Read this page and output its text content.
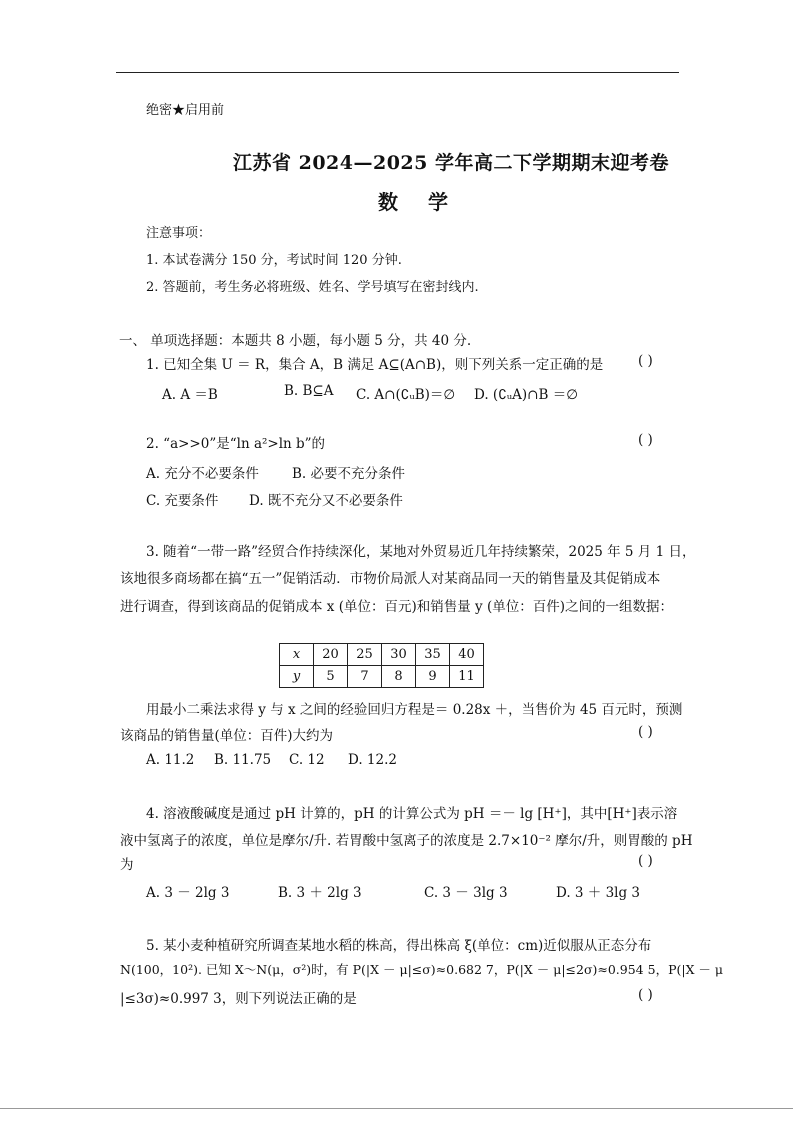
绝密★启用前
江苏省 2024—2025 学年高二下学期期末迎考卷
数学
注意事项：
1. 本试卷满分 150 分，考试时间 120 分钟.
2. 答题前，考生务必将班级、姓名、学号填写在密封线内.
一、 单项选择题：本题共 8 小题，每小题 5 分，共 40 分.
1. 已知全集 U ＝ R，集合 A，B 满足 A⊆(A∩B)，则下列关系一定正确的是	( )
A. A ＝B	B. B⊆A C. A∩(∁ᵤB)＝∅ D. (∁ᵤA)∩B ＝∅
2. “a>>0”是“ln a²>ln b”的	( )
A. 充分不必要条件 B. 必要不充分条件
C. 充要条件 D. 既不充分又不必要条件
3. 随着“一带一路”经贸合作持续深化，某地对外贸易近几年持续繁荣，2025 年 5 月 1 日，
该地很多商场都在搞“五一”促销活动．市物价局派人对某商品同一天的销售量及其促销成本
进行调查，得到该商品的促销成本 x (单位：百元)和销售量 y (单位：百件)之间的一组数据：
x	20	25	30	35	40
y	5	7	8	9	11
用最小二乘法求得 y 与 x 之间的经验回归方程是＝ 0.28x ＋，当售价为 45 百元时，预测
该商品的销售量(单位：百件)大约为	( )
A. 11.2 B. 11.75 C. 12 D. 12.2
4. 溶液酸碱度是通过 pH 计算的，pH 的计算公式为 pH ＝－ lg [H⁺]，其中[H⁺]表示溶
液中氢离子的浓度，单位是摩尔/升. 若胃酸中氢离子的浓度是 2.7×10⁻² 摩尔/升，则胃酸的 pH
为	( )
A. 3 － 2lg 3	B. 3 ＋ 2lg 3	C. 3 － 3lg 3	D. 3 ＋ 3lg 3
5. 某小麦种植研究所调查某地水稻的株高，得出株高 ξ(单位：cm)近似服从正态分布
N(100，10²). 已知 X～N(μ，σ²)时，有 P(|X － μ|≤σ)≈0.682 7，P(|X － μ|≤2σ)≈0.954 5，P(|X － μ
|≤3σ)≈0.997 3，则下列说法正确的是	( )
